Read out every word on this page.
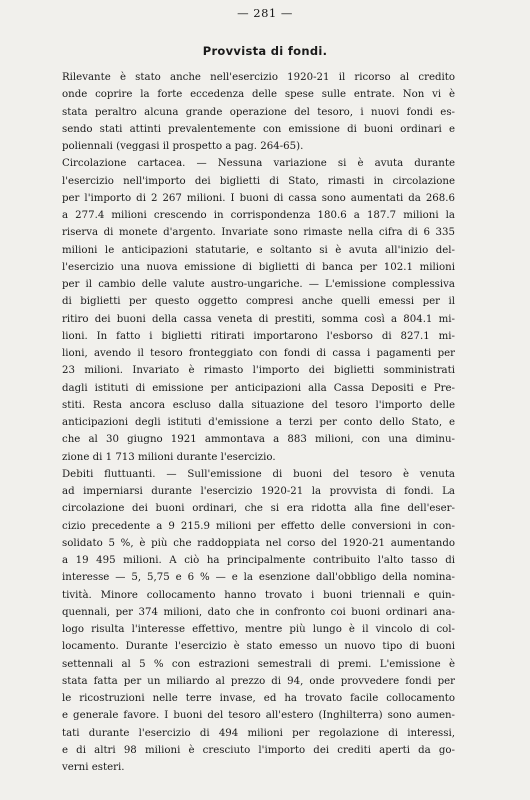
— 281 —
Provvista di fondi.

Rilevante è stato anche nell'esercizio 1920-21 il ricorso al credito
onde coprire la forte eccedenza delle spese sulle entrate. Non vi è
stata peraltro alcuna grande operazione del tesoro, i nuovi fondi es-
sendo stati attinti prevalentemente con emissione di buoni ordinari e
poliennali (veggasi il prospetto a pag. 264-65).

Circolazione cartacea. — Nessuna variazione si è avuta durante
l'esercizio nell'importo dei biglietti di Stato, rimasti in circolazione
per l'importo di 2 267 milioni. I buoni di cassa sono aumentati da 268.6
a 277.4 milioni crescendo in corrispondenza 180.6 a 187.7 milioni la
riserva di monete d'argento. Invariate sono rimaste nella cifra di 6 335
milioni le anticipazioni statutarie, e soltanto si è avuta all'inizio del-
l'esercizio una nuova emissione di biglietti di banca per 102.1 milioni
per il cambio delle valute austro-ungariche. — L'emissione complessiva
di biglietti per questo oggetto compresi anche quelli emessi per il
ritiro dei buoni della cassa veneta di prestiti, somma così a 804.1 mi-
lioni. In fatto i biglietti ritirati importarono l'esborso di 827.1 mi-
lioni, avendo il tesoro fronteggiato con fondi di cassa i pagamenti per
23 milioni. Invariato è rimasto l'importo dei biglietti somministrati
dagli istituti di emissione per anticipazioni alla Cassa Depositi e Pre-
stiti. Resta ancora escluso dalla situazione del tesoro l'importo delle
anticipazioni degli istituti d'emissione a terzi per conto dello Stato, e
che al 30 giugno 1921 ammontava a 883 milioni, con una diminu-
zione di 1 713 milioni durante l'esercizio.

Debiti fluttuanti. — Sull'emissione di buoni del tesoro è venuta
ad imperniarsi durante l'esercizio 1920-21 la provvista di fondi. La
circolazione dei buoni ordinari, che si era ridotta alla fine dell'eser-
cizio precedente a 9 215.9 milioni per effetto delle conversioni in con-
solidato 5 %, è più che raddoppiata nel corso del 1920-21 aumentando
a 19 495 milioni. A ciò ha principalmente contribuito l'alto tasso di
interesse — 5, 5,75 e 6 % — e la esenzione dall'obbligo della nomina-
tività. Minore collocamento hanno trovato i buoni triennali e quin-
quennali, per 374 milioni, dato che in confronto coi buoni ordinari ana-
logo risulta l'interesse effettivo, mentre più lungo è il vincolo di col-
locamento. Durante l'esercizio è stato emesso un nuovo tipo di buoni
settennali al 5 % con estrazioni semestrali di premi. L'emissione è
stata fatta per un miliardo al prezzo di 94, onde provvedere fondi per
le ricostruzioni nelle terre invase, ed ha trovato facile collocamento
e generale favore. I buoni del tesoro all'estero (Inghilterra) sono aumen-
tati durante l'esercizio di 494 milioni per regolazione di interessi,
e di altri 98 milioni è cresciuto l'importo dei crediti aperti da go-
verni esteri.
